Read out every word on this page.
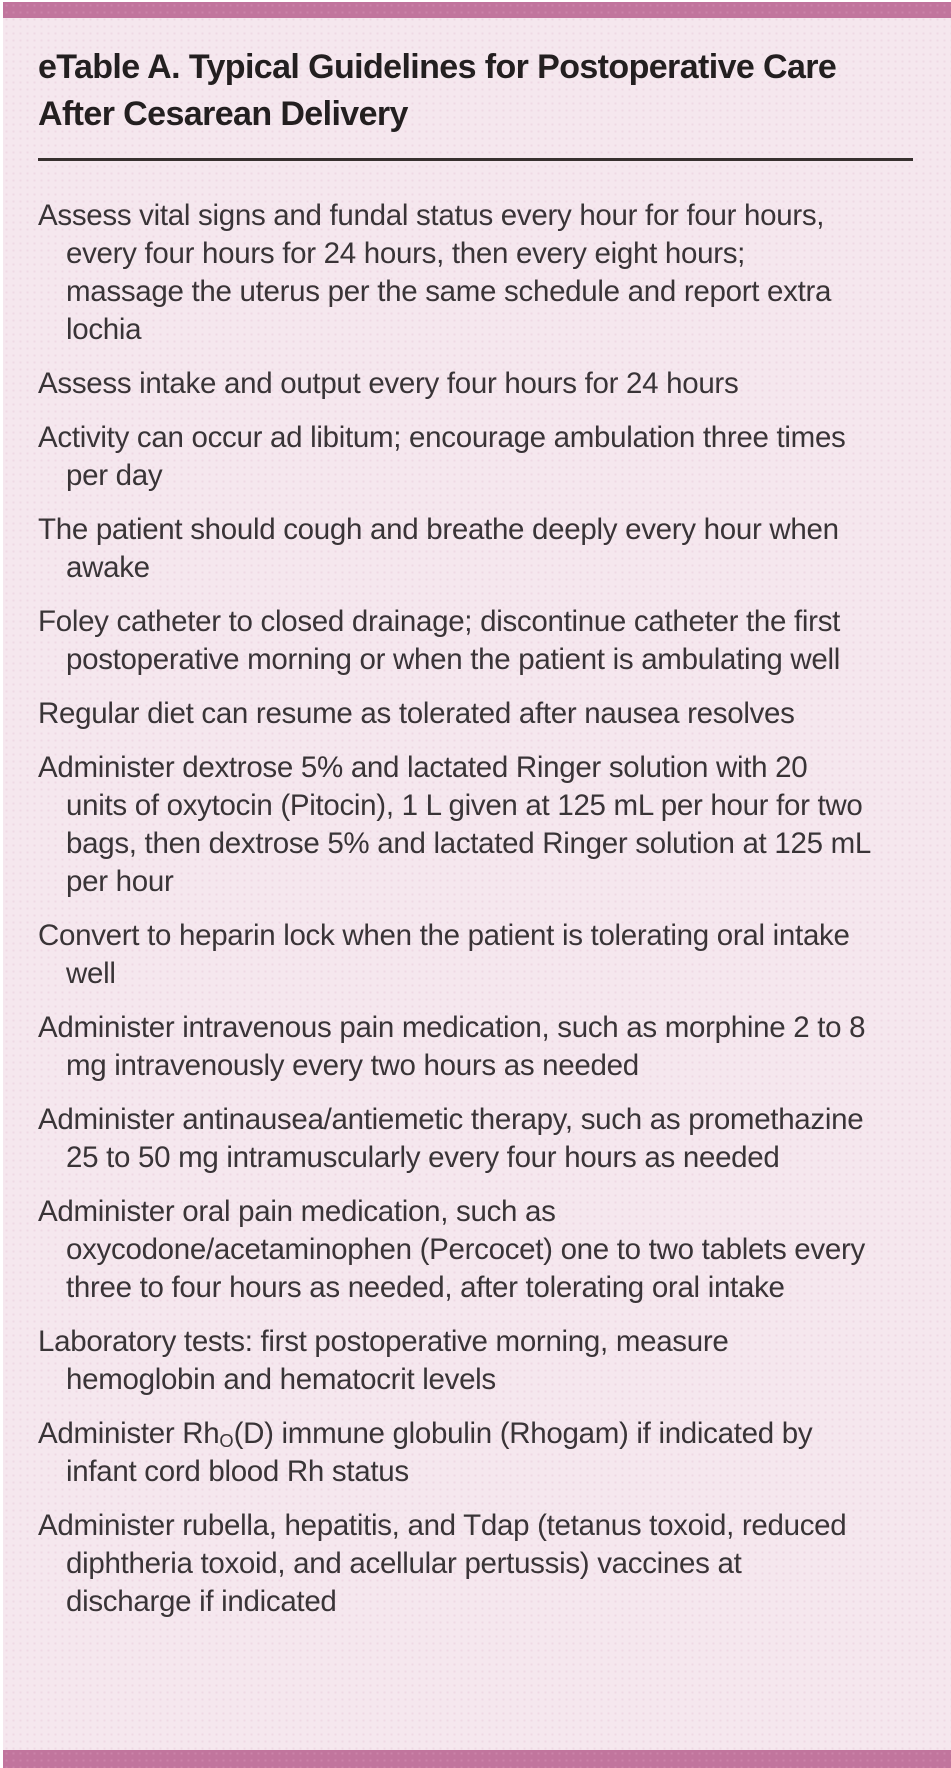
eTable A. Typical Guidelines for Postoperative Care After Cesarean Delivery
Assess vital signs and fundal status every hour for four hours, every four hours for 24 hours, then every eight hours; massage the uterus per the same schedule and report extra lochia
Assess intake and output every four hours for 24 hours
Activity can occur ad libitum; encourage ambulation three times per day
The patient should cough and breathe deeply every hour when awake
Foley catheter to closed drainage; discontinue catheter the first postoperative morning or when the patient is ambulating well
Regular diet can resume as tolerated after nausea resolves
Administer dextrose 5% and lactated Ringer solution with 20 units of oxytocin (Pitocin), 1 L given at 125 mL per hour for two bags, then dextrose 5% and lactated Ringer solution at 125 mL per hour
Convert to heparin lock when the patient is tolerating oral intake well
Administer intravenous pain medication, such as morphine 2 to 8 mg intravenously every two hours as needed
Administer antinausea/antiemetic therapy, such as promethazine 25 to 50 mg intramuscularly every four hours as needed
Administer oral pain medication, such as oxycodone/acetaminophen (Percocet) one to two tablets every three to four hours as needed, after tolerating oral intake
Laboratory tests: first postoperative morning, measure hemoglobin and hematocrit levels
Administer $Rh_O(D)$ immune globulin (Rhogam) if indicated by infant cord blood Rh status
Administer rubella, hepatitis, and Tdap (tetanus toxoid, reduced diphtheria toxoid, and acellular pertussis) vaccines at discharge if indicated
